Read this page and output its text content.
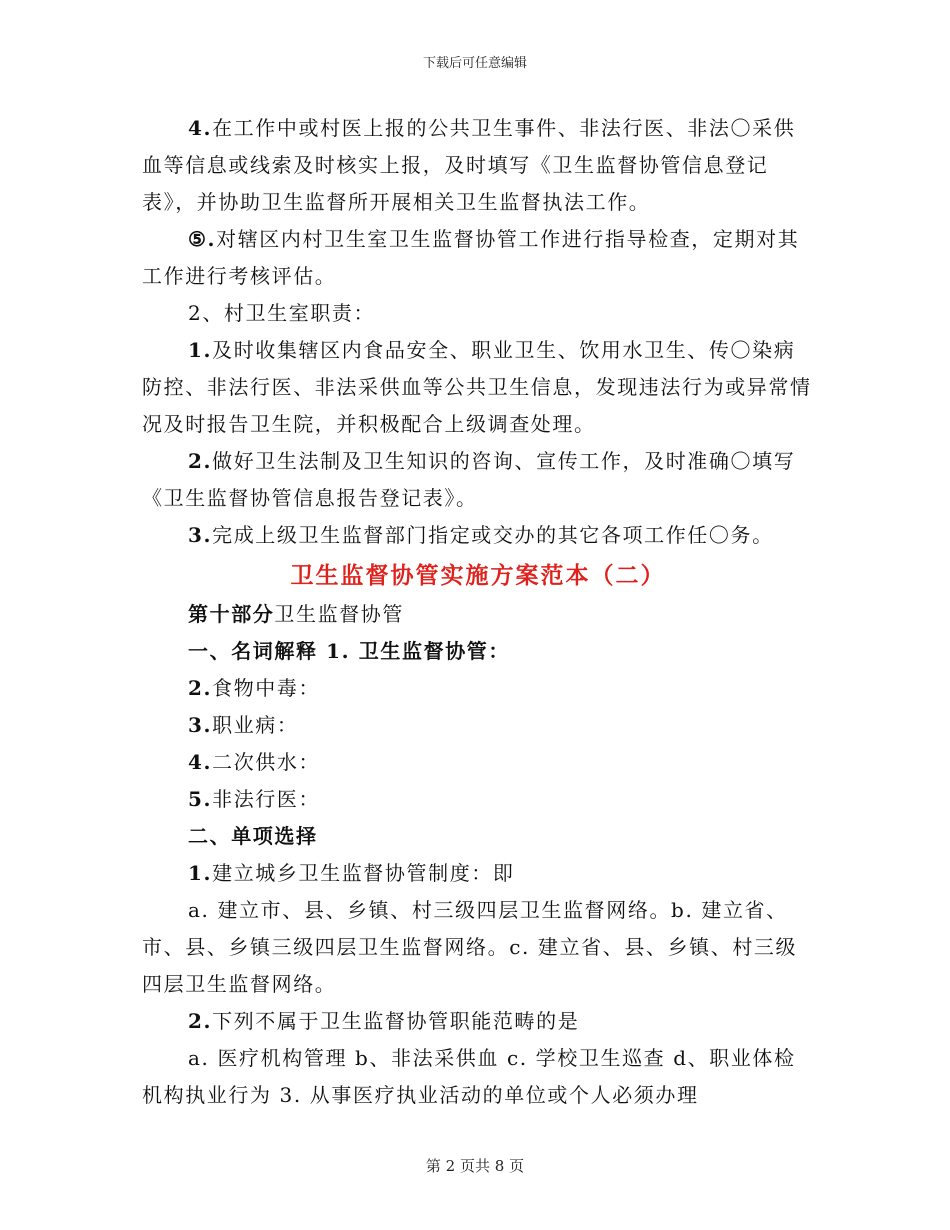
下载后可任意编辑

4.在工作中或村医上报的公共卫生事件、非法行医、非法〇采供血等信息或线索及时核实上报，及时填写《卫生监督协管信息登记表》，并协助卫生监督所开展相关卫生监督执法工作。

⑤.对辖区内村卫生室卫生监督协管工作进行指导检查，定期对其工作进行考核评估。

2、村卫生室职责：

1.及时收集辖区内食品安全、职业卫生、饮用水卫生、传〇染病防控、非法行医、非法采供血等公共卫生信息，发现违法行为或异常情况及时报告卫生院，并积极配合上级调查处理。

2.做好卫生法制及卫生知识的咨询、宣传工作，及时准确〇填写《卫生监督协管信息报告登记表》。

3.完成上级卫生监督部门指定或交办的其它各项工作任〇务。

卫生监督协管实施方案范本（二）

第十部分卫生监督协管

一、名词解释 1. 卫生监督协管：

2.食物中毒：

3.职业病：

4.二次供水：

5.非法行医：

二、单项选择

1.建立城乡卫生监督协管制度：即

a. 建立市、县、乡镇、村三级四层卫生监督网络。b. 建立省、市、县、乡镇三级四层卫生监督网络。c. 建立省、县、乡镇、村三级四层卫生监督网络。

2.下列不属于卫生监督协管职能范畴的是

a. 医疗机构管理 b、非法采供血 c. 学校卫生巡查 d、职业体检机构执业行为 3. 从事医疗执业活动的单位或个人必须办理

第 2 页共 8 页
